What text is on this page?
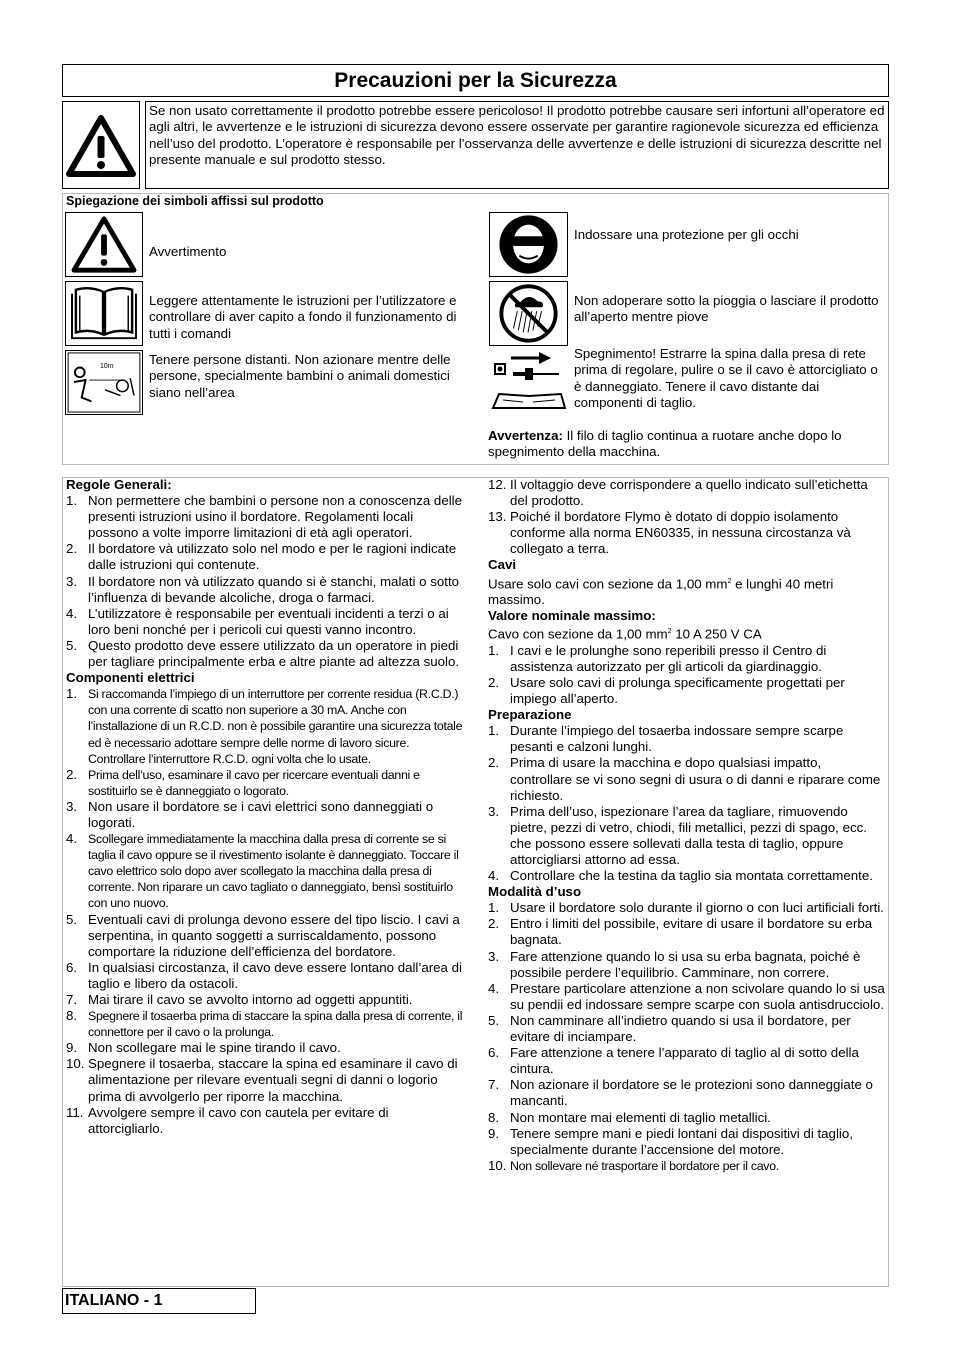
Precauzioni per la Sicurezza
Se non usato correttamente il prodotto potrebbe essere pericoloso! Il prodotto potrebbe causare seri infortuni all’operatore ed agli altri, le avvertenze e le istruzioni di sicurezza devono essere osservate per garantire ragionevole sicurezza ed efficienza nell’uso del prodotto. L’operatore è responsabile per l’osservanza delle avvertenze e delle istruzioni di sicurezza descritte nel presente manuale e sul prodotto stesso.
Spiegazione dei simboli affissi sul prodotto
Avvertimento
Leggere attentamente le istruzioni per l’utilizzatore e controllare di aver capito a fondo il funzionamento di tutti i comandi
10m	Tenere persone distanti. Non azionare mentre delle persone, specialmente bambini o animali domestici siano nell’area
Indossare una protezione per gli occhi
Non adoperare sotto la pioggia o lasciare il prodotto all’aperto mentre piove
Spegnimento! Estrarre la spina dalla presa di rete prima di regolare, pulire o se il cavo è attorcigliato o è danneggiato. Tenere il cavo distante dai componenti di taglio.
Avvertenza: Il filo di taglio continua a ruotare anche dopo lo spegnimento della macchina.
Regole Generali:
1. Non permettere che bambini o persone non a conoscenza delle presenti istruzioni usino il bordatore. Regolamenti locali possono a volte imporre limitazioni di età agli operatori.
2. Il bordatore và utilizzato solo nel modo e per le ragioni indicate dalle istruzioni qui contenute.
3. Il bordatore non và utilizzato quando si è stanchi, malati o sotto l’influenza di bevande alcoliche, droga o farmaci.
4. L’utilizzatore è responsabile per eventuali incidenti a terzi o ai loro beni nonché per i pericoli cui questi vanno incontro.
5. Questo prodotto deve essere utilizzato da un operatore in piedi per tagliare principalmente erba e altre piante ad altezza suolo.
Componenti elettrici
1. Si raccomanda l’impiego di un interruttore per corrente residua (R.C.D.) con una corrente di scatto non superiore a 30 mA. Anche con l’installazione di un R.C.D. non è possibile garantire una sicurezza totale ed è necessario adottare sempre delle norme di lavoro sicure. Controllare l’interruttore R.C.D. ogni volta che lo usate.
2. Prima dell’uso, esaminare il cavo per ricercare eventuali danni e sostituirlo se è danneggiato o logorato.
3. Non usare il bordatore se i cavi elettrici sono danneggiati o logorati.
4. Scollegare immediatamente la macchina dalla presa di corrente se si taglia il cavo oppure se il rivestimento isolante è danneggiato. Toccare il cavo elettrico solo dopo aver scollegato la macchina dalla presa di corrente. Non riparare un cavo tagliato o danneggiato, bensì sostituirlo con uno nuovo.
5. Eventuali cavi di prolunga devono essere del tipo liscio. I cavi a serpentina, in quanto soggetti a surriscaldamento, possono comportare la riduzione dell’efficienza del bordatore.
6. In qualsiasi circostanza, il cavo deve essere lontano dall’area di taglio e libero da ostacoli.
7. Mai tirare il cavo se avvolto intorno ad oggetti appuntiti.
8. Spegnere il tosaerba prima di staccare la spina dalla presa di corrente, il connettore per il cavo o la prolunga.
9. Non scollegare mai le spine tirando il cavo.
10. Spegnere il tosaerba, staccare la spina ed esaminare il cavo di alimentazione per rilevare eventuali segni di danni o logorio prima di avvolgerlo per riporre la macchina.
11. Avvolgere sempre il cavo con cautela per evitare di attorcigliarlo.
12. Il voltaggio deve corrispondere a quello indicato sull’etichetta del prodotto.
13. Poiché il bordatore Flymo è dotato di doppio isolamento conforme alla norma EN60335, in nessuna circostanza và collegato a terra.
Cavi
Usare solo cavi con sezione da 1,00 $mm^2$ e lunghi 40 metri massimo.
Valore nominale massimo:
Cavo con sezione da 1,00 $mm^2$ 10 A 250 V CA
1. I cavi e le prolunghe sono reperibili presso il Centro di assistenza autorizzato per gli articoli da giardinaggio.
2. Usare solo cavi di prolunga specificamente progettati per impiego all’aperto.
Preparazione
1. Durante l’impiego del tosaerba indossare sempre scarpe pesanti e calzoni lunghi.
2. Prima di usare la macchina e dopo qualsiasi impatto, controllare se vi sono segni di usura o di danni e riparare come richiesto.
3. Prima dell’uso, ispezionare l’area da tagliare, rimuovendo pietre, pezzi di vetro, chiodi, fili metallici, pezzi di spago, ecc. che possono essere sollevati dalla testa di taglio, oppure attorcigliarsi attorno ad essa.
4. Controllare che la testina da taglio sia montata correttamente.
Modalità d’uso
1. Usare il bordatore solo durante il giorno o con luci artificiali forti.
2. Entro i limiti del possibile, evitare di usare il bordatore su erba bagnata.
3. Fare attenzione quando lo si usa su erba bagnata, poiché è possibile perdere l’equilibrio. Camminare, non correre.
4. Prestare particolare attenzione a non scivolare quando lo si usa su pendii ed indossare sempre scarpe con suola antisdrucciolo.
5. Non camminare all’indietro quando si usa il bordatore, per evitare di inciampare.
6. Fare attenzione a tenere l’apparato di taglio al di sotto della cintura.
7. Non azionare il bordatore se le protezioni sono danneggiate o mancanti.
8. Non montare mai elementi di taglio metallici.
9. Tenere sempre mani e piedi lontani dai dispositivi di taglio, specialmente durante l’accensione del motore.
10. Non sollevare né trasportare il bordatore per il cavo.
ITALIANO - 1
